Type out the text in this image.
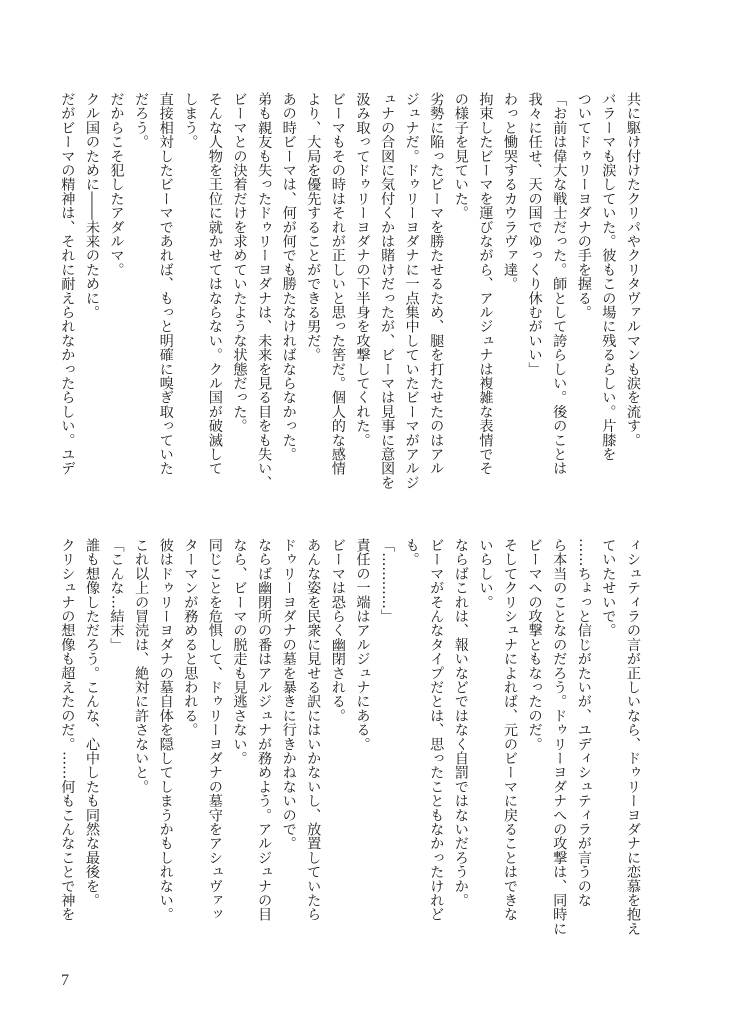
共に駆け付けたクリパやクリタヴァルマンも涙を流す。
バラーマも涙していた。彼もこの場に残るらしい。片膝を
ついてドゥリーヨダナの手を握る。
「お前は偉大な戦士だった。師として誇らしい。後のことは
我々に任せ、天の国でゆっくり休むがいい」
わっと慟哭するカウラヴァ達。
拘束したビーマを運びながら、アルジュナは複雑な表情でそ
の様子を見ていた。
劣勢に陥ったビーマを勝たせるため、腿を打たせたのはアル
ジュナだ。ドゥリーヨダナに一点集中していたビーマがアルジ
ュナの合図に気付くかは賭けだったが、ビーマは見事に意図を
汲み取ってドゥリーヨダナの下半身を攻撃してくれた。
ビーマもその時はそれが正しいと思った筈だ。個人的な感情
より、大局を優先することができる男だ。
あの時ビーマは、何が何でも勝たなければならなかった。
弟も親友も失ったドゥリーヨダナは、未来を見る目をも失い、
ビーマとの決着だけを求めていたような状態だった。
そんな人物を王位に就かせてはならない。クル国が破滅して
しまう。
直接相対したビーマであれば、もっと明確に嗅ぎ取っていた
だろう。
だからこそ犯したアダルマ。
クル国のために――未来のために。
だがビーマの精神は、それに耐えられなかったらしい。ユデ
ィシュティラの言が正しいなら、ドゥリーヨダナに恋慕を抱え
ていたせいで。
……ちょっと信じがたいが、ユディシュティラが言うのな
ら本当のことなのだろう。ドゥリーヨダナへの攻撃は、同時に
ビーマへの攻撃ともなったのだ。
そしてクリシュナによれば、元のビーマに戻ることはできな
いらしい。
ならばこれは、報いなどではなく自罰ではないだろうか。
ビーマがそんなタイプだとは、思ったこともなかったけれど
も。
「…………」
責任の一端はアルジュナにある。
ビーマは恐らく幽閉される。
あんな姿を民衆に見せる訳にはいかないし、放置していたら
ドゥリーヨダナの墓を暴きに行きかねないので。
ならば幽閉所の番はアルジュナが務めよう。アルジュナの目
なら、ビーマの脱走も見逃さない。
同じことを危惧して、ドゥリーヨダナの墓守をアシュヴァッ
ターマンが務めると思われる。
彼はドゥリーヨダナの墓自体を隠してしまうかもしれない。
これ以上の冒涜は、絶対に許さないと。
「こんな…結末」
誰も想像しただろう。こんな、心中したも同然な最後を。
クリシュナの想像も超えたのだ。……何もこんなことで神を
7
